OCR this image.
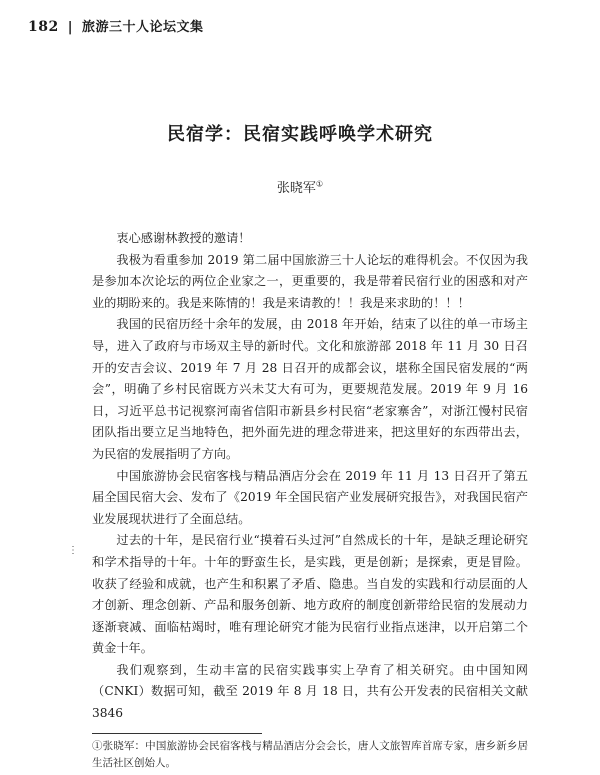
182 | 旅游三十人论坛文集
民宿学：民宿实践呼唤学术研究
张晓军①

衷心感谢林教授的邀请！

我极为看重参加 2019 第二届中国旅游三十人论坛的难得机会。不仅因为我是参加本次论坛的两位企业家之一，更重要的，我是带着民宿行业的困惑和对产业的期盼来的。我是来陈情的！我是来请教的！！我是来求助的！！！

我国的民宿历经十余年的发展，由 2018 年开始，结束了以往的单一市场主导，进入了政府与市场双主导的新时代。文化和旅游部 2018 年 11 月 30 日召开的安吉会议、2019 年 7 月 28 日召开的成都会议，堪称全国民宿发展的“两会”，明确了乡村民宿既方兴未艾大有可为，更要规范发展。2019 年 9 月 16 日，习近平总书记视察河南省信阳市新县乡村民宿“老家寨舍”，对浙江慢村民宿团队指出要立足当地特色，把外面先进的理念带进来，把这里好的东西带出去，为民宿的发展指明了方向。

中国旅游协会民宿客栈与精品酒店分会在 2019 年 11 月 13 日召开了第五届全国民宿大会、发布了《2019 年全国民宿产业发展研究报告》，对我国民宿产业发展现状进行了全面总结。

过去的十年，是民宿行业“摸着石头过河”自然成长的十年，是缺乏理论研究和学术指导的十年。十年的野蛮生长，是实践，更是创新；是探索，更是冒险。收获了经验和成就，也产生和积累了矛盾、隐患。当自发的实践和行动层面的人才创新、理念创新、产品和服务创新、地方政府的制度创新带给民宿的发展动力逐渐衰减、面临枯竭时，唯有理论研究才能为民宿行业指点迷津，以开启第二个黄金十年。

我们观察到，生动丰富的民宿实践事实上孕育了相关研究。由中国知网（CNKI）数据可知，截至 2019 年 8 月 18 日，共有公开发表的民宿相关文献 3846

⋮
①张晓军：中国旅游协会民宿客栈与精品酒店分会会长，唐人文旅智库首席专家，唐乡新乡居生活社区创始人。
